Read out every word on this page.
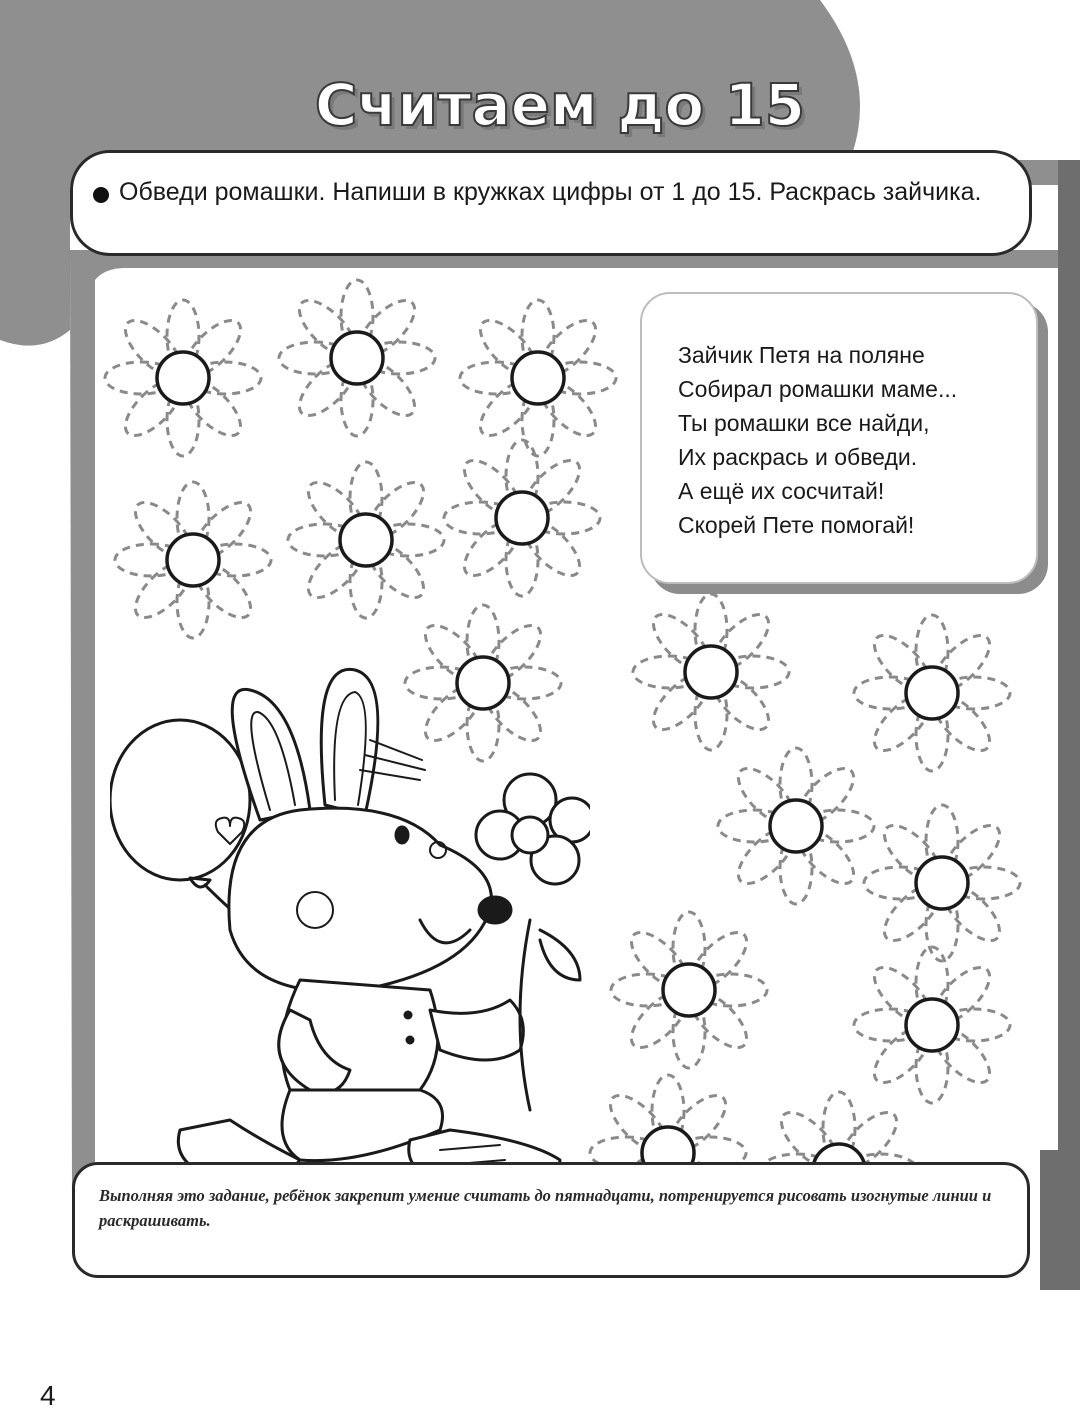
Считаем до 15
Обведи ромашки. Напиши в кружках цифры от 1 до 15. Раскрась зайчика.
Зайчик Петя на поляне
Собирал ромашки маме...
Ты ромашки все найди,
Их раскрась и обведи.
А ещё их сосчитай!
Скорей Пете помогай!
Выполняя это задание, ребёнок закрепит умение считать до пятнадцати, потренируется рисовать изогнутые линии и раскрашивать.
4
